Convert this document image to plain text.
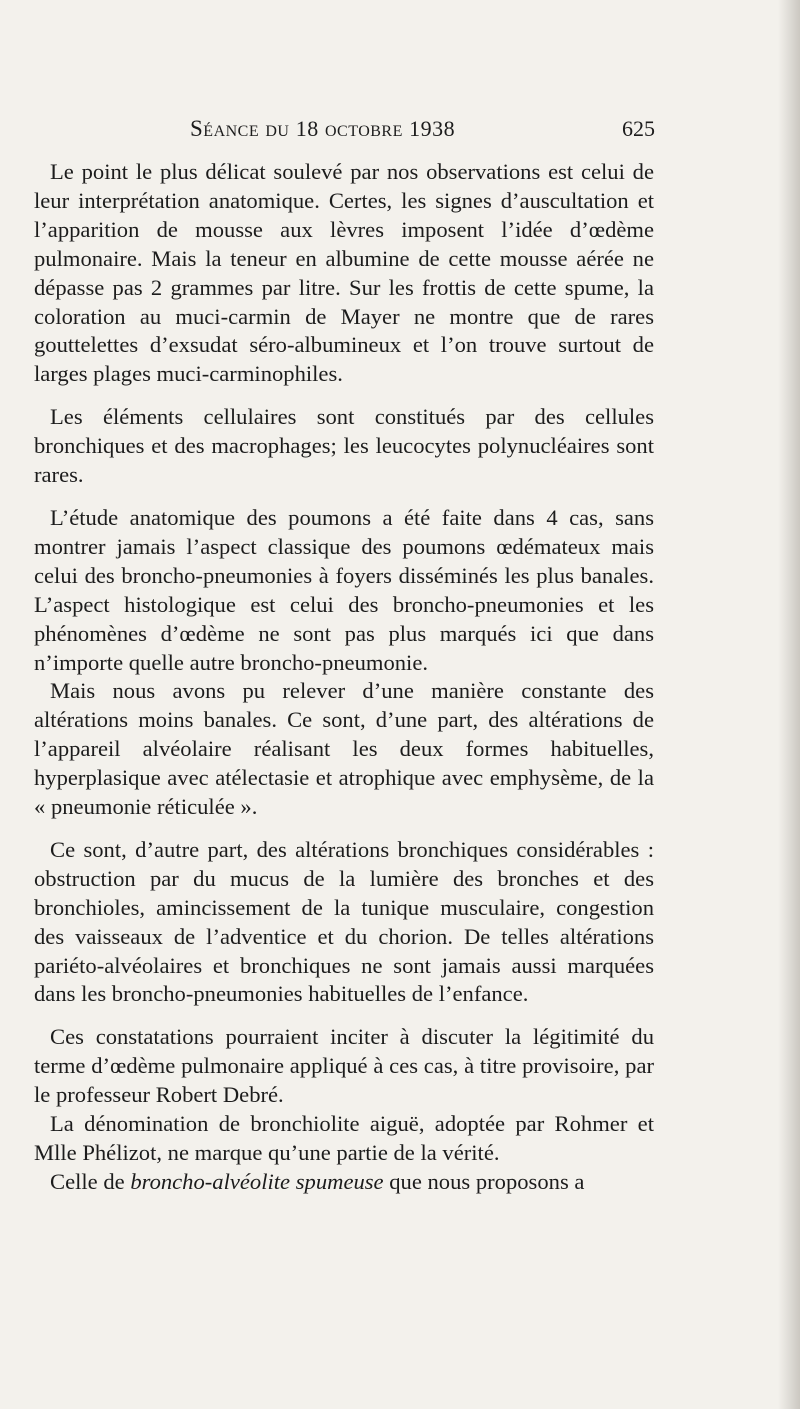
Séance du 18 octobre 1938	625

Le point le plus délicat soulevé par nos observations est celui de leur interprétation anatomique. Certes, les signes d’auscultation et l’apparition de mousse aux lèvres imposent l’idée d’œdème pulmonaire. Mais la teneur en albumine de cette mousse aérée ne dépasse pas 2 grammes par litre. Sur les frottis de cette spume, la coloration au muci-carmin de Mayer ne montre que de rares gouttelettes d’exsudat séro-albumineux et l’on trouve surtout de larges plages muci-carminophiles.

Les éléments cellulaires sont constitués par des cellules bronchiques et des macrophages; les leucocytes polynucléaires sont rares.

L’étude anatomique des poumons a été faite dans 4 cas, sans montrer jamais l’aspect classique des poumons œdémateux mais celui des broncho-pneumonies à foyers disséminés les plus banales. L’aspect histologique est celui des broncho-pneumonies et les phénomènes d’œdème ne sont pas plus marqués ici que dans n’importe quelle autre broncho-pneumonie.

Mais nous avons pu relever d’une manière constante des altérations moins banales. Ce sont, d’une part, des altérations de l’appareil alvéolaire réalisant les deux formes habituelles, hyperplasique avec atélectasie et atrophique avec emphysème, de la « pneumonie réticulée ».

Ce sont, d’autre part, des altérations bronchiques considérables : obstruction par du mucus de la lumière des bronches et des bronchioles, amincissement de la tunique musculaire, congestion des vaisseaux de l’adventice et du chorion. De telles altérations pariéto-alvéolaires et bronchiques ne sont jamais aussi marquées dans les broncho-pneumonies habituelles de l’enfance.

Ces constatations pourraient inciter à discuter la légitimité du terme d’œdème pulmonaire appliqué à ces cas, à titre provisoire, par le professeur Robert Debré.

La dénomination de bronchiolite aiguë, adoptée par Rohmer et Mlle Phélizot, ne marque qu’une partie de la vérité.

Celle de broncho-alvéolite spumeuse que nous proposons a
